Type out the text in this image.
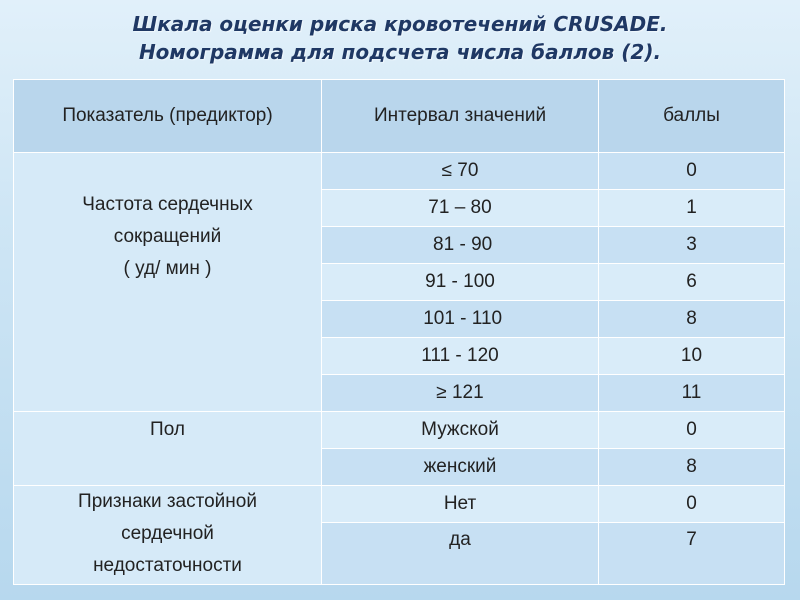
Шкала оценки риска кровотечений CRUSADE.
Номограмма для подсчета числа баллов (2).
Показатель (предиктор)	Интервал значений	баллы

Частота сердечных
сокращений
( уд/ мин )	≤ 70	0
	71 – 80	1
	81 - 90	3
	91 - 100	6
	101 - 110	8
	111 - 120	10
	≥ 121	11

Пол	Мужской	0
	женский	8

Признаки застойной
сердечной
недостаточности	Нет	0
	да	7
